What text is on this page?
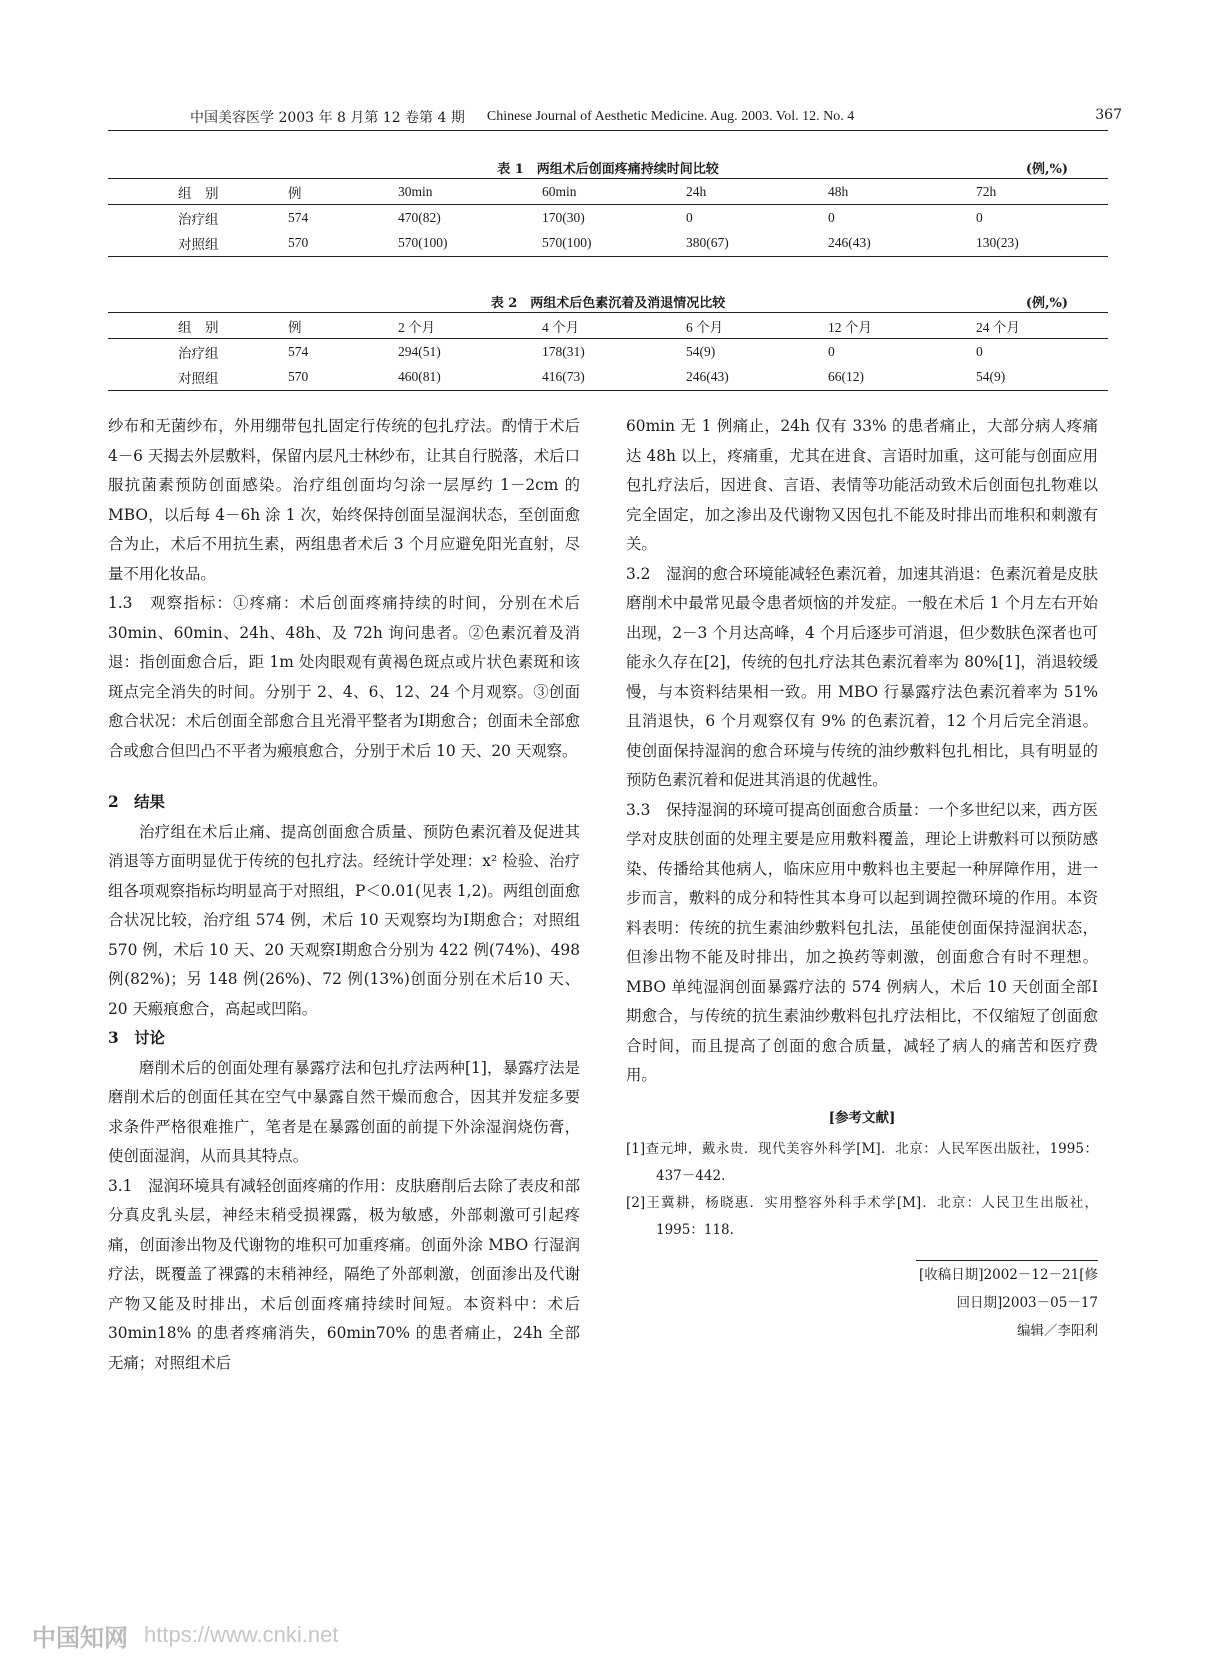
中国美容医学 2003 年 8 月第 12 卷第 4 期 Chinese Journal of Aesthetic Medicine. Aug. 2003. Vol. 12. No. 4	367
表 1　两组术后创面疼痛持续时间比较	(例,%)
组　别	例	30min	60min	24h	48h	72h
治疗组	574	470(82)	170(30)	0	0	0
对照组	570	570(100)	570(100)	380(67)	246(43)	130(23)
表 2　两组术后色素沉着及消退情况比较	(例,%)
组　别	例	2 个月	4 个月	6 个月	12 个月	24 个月
治疗组	574	294(51)	178(31)	54(9)	0	0
对照组	570	460(81)	416(73)	246(43)	66(12)	54(9)

纱布和无菌纱布，外用绷带包扎固定行传统的包扎疗法。酌情于术后 4－6 天揭去外层敷料，保留内层凡士林纱布，让其自行脱落，术后口服抗菌素预防创面感染。治疗组创面均匀涂一层厚约 1－2cm 的 MBO，以后每 4－6h 涂 1 次，始终保持创面呈湿润状态，至创面愈合为止，术后不用抗生素，两组患者术后 3 个月应避免阳光直射，尽量不用化妆品。

1.3　观察指标：①疼痛：术后创面疼痛持续的时间，分别在术后 30min、60min、24h、48h、及 72h 询问患者。②色素沉着及消退：指创面愈合后，距 1m 处肉眼观有黄褐色斑点或片状色素斑和该斑点完全消失的时间。分别于 2、4、6、12、24 个月观察。③创面愈合状况：术后创面全部愈合且光滑平整者为Ⅰ期愈合；创面未全部愈合或愈合但凹凸不平者为瘢痕愈合，分别于术后 10 天、20 天观察。

2　结果

治疗组在术后止痛、提高创面愈合质量、预防色素沉着及促进其消退等方面明显优于传统的包扎疗法。经统计学处理：x² 检验、治疗组各项观察指标均明显高于对照组，P＜0.01(见表 1,2)。两组创面愈合状况比较，治疗组 574 例，术后 10 天观察均为Ⅰ期愈合；对照组 570 例，术后 10 天、20 天观察Ⅰ期愈合分别为 422 例(74%)、498 例(82%)；另 148 例(26%)、72 例(13%)创面分别在术后10 天、20 天瘢痕愈合，高起或凹陷。

3　讨论

磨削术后的创面处理有暴露疗法和包扎疗法两种[1]，暴露疗法是磨削术后的创面任其在空气中暴露自然干燥而愈合，因其并发症多要求条件严格很难推广，笔者是在暴露创面的前提下外涂湿润烧伤膏，使创面湿润，从而具其特点。

3.1　湿润环境具有减轻创面疼痛的作用：皮肤磨削后去除了表皮和部分真皮乳头层，神经末稍受损裸露，极为敏感，外部刺激可引起疼痛，创面渗出物及代谢物的堆积可加重疼痛。创面外涂 MBO 行湿润疗法，既覆盖了裸露的末稍神经，隔绝了外部刺激，创面渗出及代谢产物又能及时排出，术后创面疼痛持续时间短。本资料中：术后 30min18% 的患者疼痛消失，60min70% 的患者痛止，24h 全部无痛；对照组术后

60min 无 1 例痛止，24h 仅有 33% 的患者痛止，大部分病人疼痛达 48h 以上，疼痛重，尤其在进食、言语时加重，这可能与创面应用包扎疗法后，因进食、言语、表情等功能活动致术后创面包扎物难以完全固定，加之渗出及代谢物又因包扎不能及时排出而堆积和刺激有关。

3.2　湿润的愈合环境能减轻色素沉着，加速其消退：色素沉着是皮肤磨削术中最常见最令患者烦恼的并发症。一般在术后 1 个月左右开始出现，2－3 个月达高峰，4 个月后逐步可消退，但少数肤色深者也可能永久存在[2]，传统的包扎疗法其色素沉着率为 80%[1]，消退较缓慢，与本资料结果相一致。用 MBO 行暴露疗法色素沉着率为 51% 且消退快，6 个月观察仅有 9% 的色素沉着，12 个月后完全消退。使创面保持湿润的愈合环境与传统的油纱敷料包扎相比，具有明显的预防色素沉着和促进其消退的优越性。

3.3　保持湿润的环境可提高创面愈合质量：一个多世纪以来，西方医学对皮肤创面的处理主要是应用敷料覆盖，理论上讲敷料可以预防感染、传播给其他病人，临床应用中敷料也主要起一种屏障作用，进一步而言，敷料的成分和特性其本身可以起到调控微环境的作用。本资料表明：传统的抗生素油纱敷料包扎法，虽能使创面保持湿润状态，但渗出物不能及时排出，加之换药等刺激，创面愈合有时不理想。MBO 单纯湿润创面暴露疗法的 574 例病人，术后 10 天创面全部Ⅰ期愈合，与传统的抗生素油纱敷料包扎疗法相比，不仅缩短了创面愈合时间，而且提高了创面的愈合质量，减轻了病人的痛苦和医疗费用。

[参考文献]
[1]查元坤，戴永贵．现代美容外科学[M]．北京：人民军医出版社，1995：437－442.
[2]王冀耕，杨晓惠．实用整容外科手术学[M]．北京：人民卫生出版社，1995：118.
[收稿日期]2002－12－21[修回日期]2003－05－17
编辑／李阳利
中国知网 https://www.cnki.net
